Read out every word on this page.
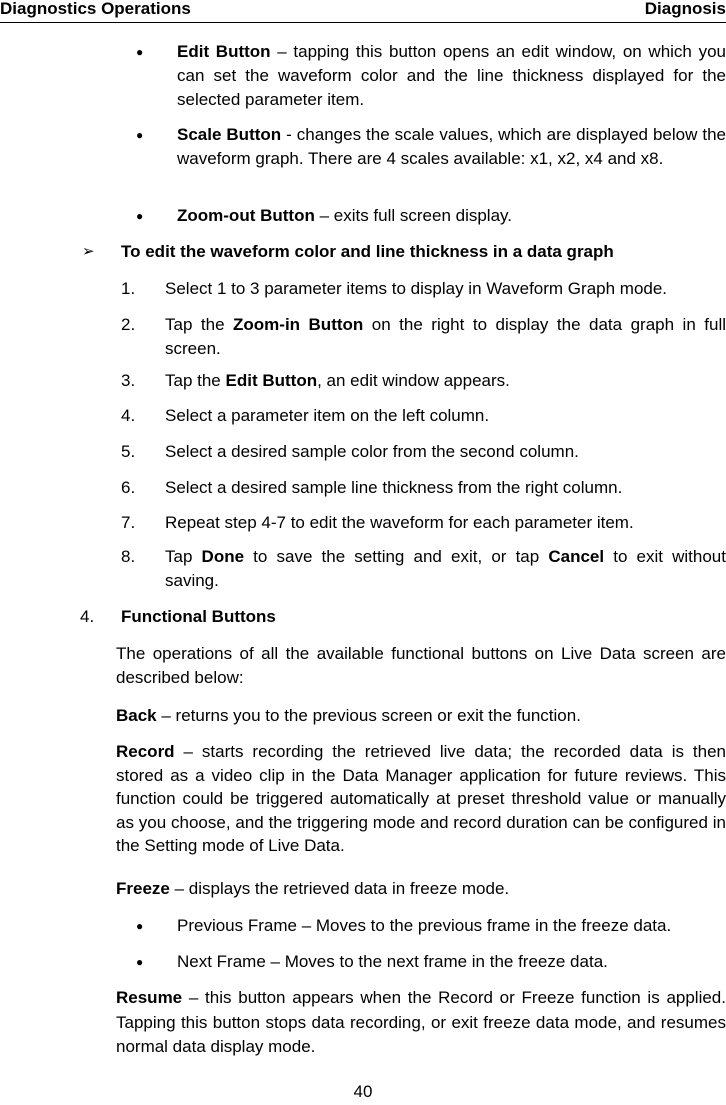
Diagnostics Operations	Diagnosis
● Edit Button – tapping this button opens an edit window, on which you can set the waveform color and the line thickness displayed for the selected parameter item.
● Scale Button - changes the scale values, which are displayed below the waveform graph. There are 4 scales available: x1, x2, x4 and x8.
● Zoom-out Button – exits full screen display.
➢ To edit the waveform color and line thickness in a data graph
1. Select 1 to 3 parameter items to display in Waveform Graph mode.
2. Tap the Zoom-in Button on the right to display the data graph in full screen.
3. Tap the Edit Button, an edit window appears.
4. Select a parameter item on the left column.
5. Select a desired sample color from the second column.
6. Select a desired sample line thickness from the right column.
7. Repeat step 4-7 to edit the waveform for each parameter item.
8. Tap Done to save the setting and exit, or tap Cancel to exit without saving.
4. Functional Buttons
The operations of all the available functional buttons on Live Data screen are described below:
Back – returns you to the previous screen or exit the function.
Record – starts recording the retrieved live data; the recorded data is then stored as a video clip in the Data Manager application for future reviews. This function could be triggered automatically at preset threshold value or manually as you choose, and the triggering mode and record duration can be configured in the Setting mode of Live Data.
Freeze – displays the retrieved data in freeze mode.
● Previous Frame – Moves to the previous frame in the freeze data.
● Next Frame – Moves to the next frame in the freeze data.
Resume – this button appears when the Record or Freeze function is applied. Tapping this button stops data recording, or exit freeze data mode, and resumes normal data display mode.
40
